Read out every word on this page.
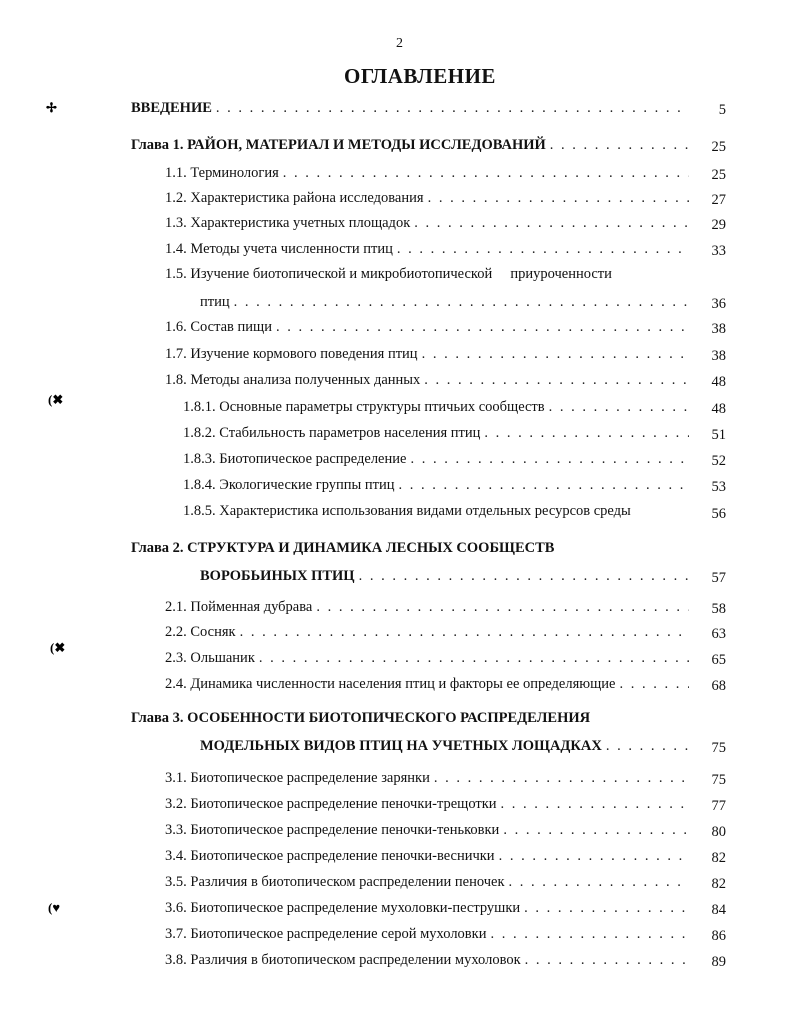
2
ОГЛАВЛЕНИЕ
✢
(✖
(✖
(♥
ВВЕДЕНИЕ . . .	5
Глава 1. РАЙОН, МАТЕРИАЛ И МЕТОДЫ ИССЛЕДОВАНИЙ . . .	25
1.1. Терминология . . .	25
1.2. Характеристика района исследования . . .	27
1.3. Характеристика учетных площадок . . .	29
1.4. Методы учета численности птиц . . .	33
1.5. Изучение биотопической и микробиотопической     приуроченности
птиц . . .	36
1.6. Состав пищи . . .	38
1.7. Изучение кормового поведения птиц . . .	38
1.8. Методы анализа полученных данных . . .	48
1.8.1. Основные параметры структуры птичьих сообществ . . .	48
1.8.2. Стабильность параметров населения птиц . . .	51
1.8.3. Биотопическое распределение . . .	52
1.8.4. Экологические группы птиц . . .	53
1.8.5. Характеристика использования видами отдельных ресурсов среды	56
Глава 2. СТРУКТУРА И ДИНАМИКА ЛЕСНЫХ СООБЩЕСТВ
ВОРОБЬИНЫХ ПТИЦ . . .	57
2.1. Пойменная дубрава . . .	58
2.2. Сосняк . . .	63
2.3. Ольшаник . . .	65
2.4. Динамика численности населения птиц и факторы ее определяющие . . .	68
Глава 3. ОСОБЕННОСТИ БИОТОПИЧЕСКОГО РАСПРЕДЕЛЕНИЯ
МОДЕЛЬНЫХ ВИДОВ ПТИЦ НА УЧЕТНЫХ ЛОЩАДКАХ . . .	75
3.1. Биотопическое распределение зарянки . . .	75
3.2. Биотопическое распределение пеночки-трещотки . . .	77
3.3. Биотопическое распределение пеночки-теньковки . . .	80
3.4. Биотопическое распределение пеночки-веснички . . .	82
3.5. Различия в биотопическом распределении пеночек . . .	82
3.6. Биотопическое распределение мухоловки-пеструшки . . .	84
3.7. Биотопическое распределение серой мухоловки . . .	86
3.8. Различия в биотопическом распределении мухоловок . . .	89
